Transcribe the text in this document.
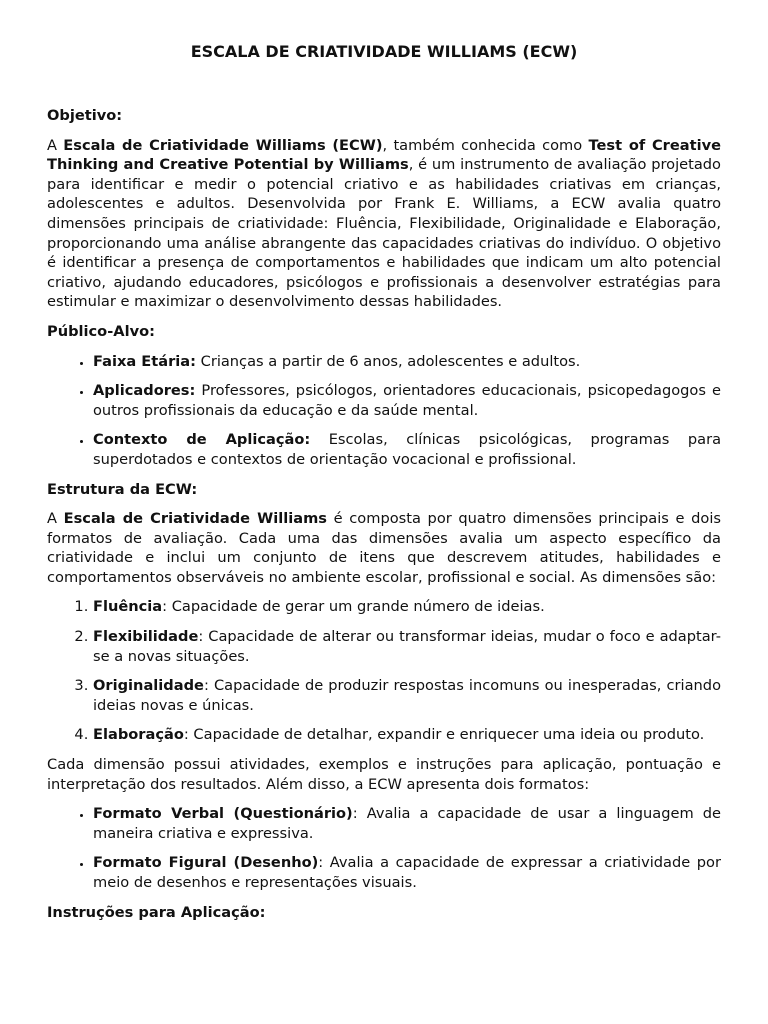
ESCALA DE CRIATIVIDADE WILLIAMS (ECW)
Objetivo:

A Escala de Criatividade Williams (ECW), também conhecida como Test of Creative Thinking and Creative Potential by Williams, é um instrumento de avaliação projetado para identificar e medir o potencial criativo e as habilidades criativas em crianças, adolescentes e adultos. Desenvolvida por Frank E. Williams, a ECW avalia quatro dimensões principais de criatividade: Fluência, Flexibilidade, Originalidade e Elaboração, proporcionando uma análise abrangente das capacidades criativas do indivíduo. O objetivo é identificar a presença de comportamentos e habilidades que indicam um alto potencial criativo, ajudando educadores, psicólogos e profissionais a desenvolver estratégias para estimular e maximizar o desenvolvimento dessas habilidades.

Público-Alvo:
• Faixa Etária: Crianças a partir de 6 anos, adolescentes e adultos.
• Aplicadores: Professores, psicólogos, orientadores educacionais, psicopedagogos e outros profissionais da educação e da saúde mental.
• Contexto de Aplicação: Escolas, clínicas psicológicas, programas para superdotados e contextos de orientação vocacional e profissional.
Estrutura da ECW:

A Escala de Criatividade Williams é composta por quatro dimensões principais e dois formatos de avaliação. Cada uma das dimensões avalia um aspecto específico da criatividade e inclui um conjunto de itens que descrevem atitudes, habilidades e comportamentos observáveis no ambiente escolar, profissional e social. As dimensões são:

1. Fluência: Capacidade de gerar um grande número de ideias.
2. Flexibilidade: Capacidade de alterar ou transformar ideias, mudar o foco e adaptar-se a novas situações.
3. Originalidade: Capacidade de produzir respostas incomuns ou inesperadas, criando ideias novas e únicas.
4. Elaboração: Capacidade de detalhar, expandir e enriquecer uma ideia ou produto.

Cada dimensão possui atividades, exemplos e instruções para aplicação, pontuação e interpretação dos resultados. Além disso, a ECW apresenta dois formatos:

• Formato Verbal (Questionário): Avalia a capacidade de usar a linguagem de maneira criativa e expressiva.
• Formato Figural (Desenho): Avalia a capacidade de expressar a criatividade por meio de desenhos e representações visuais.
Instruções para Aplicação:
